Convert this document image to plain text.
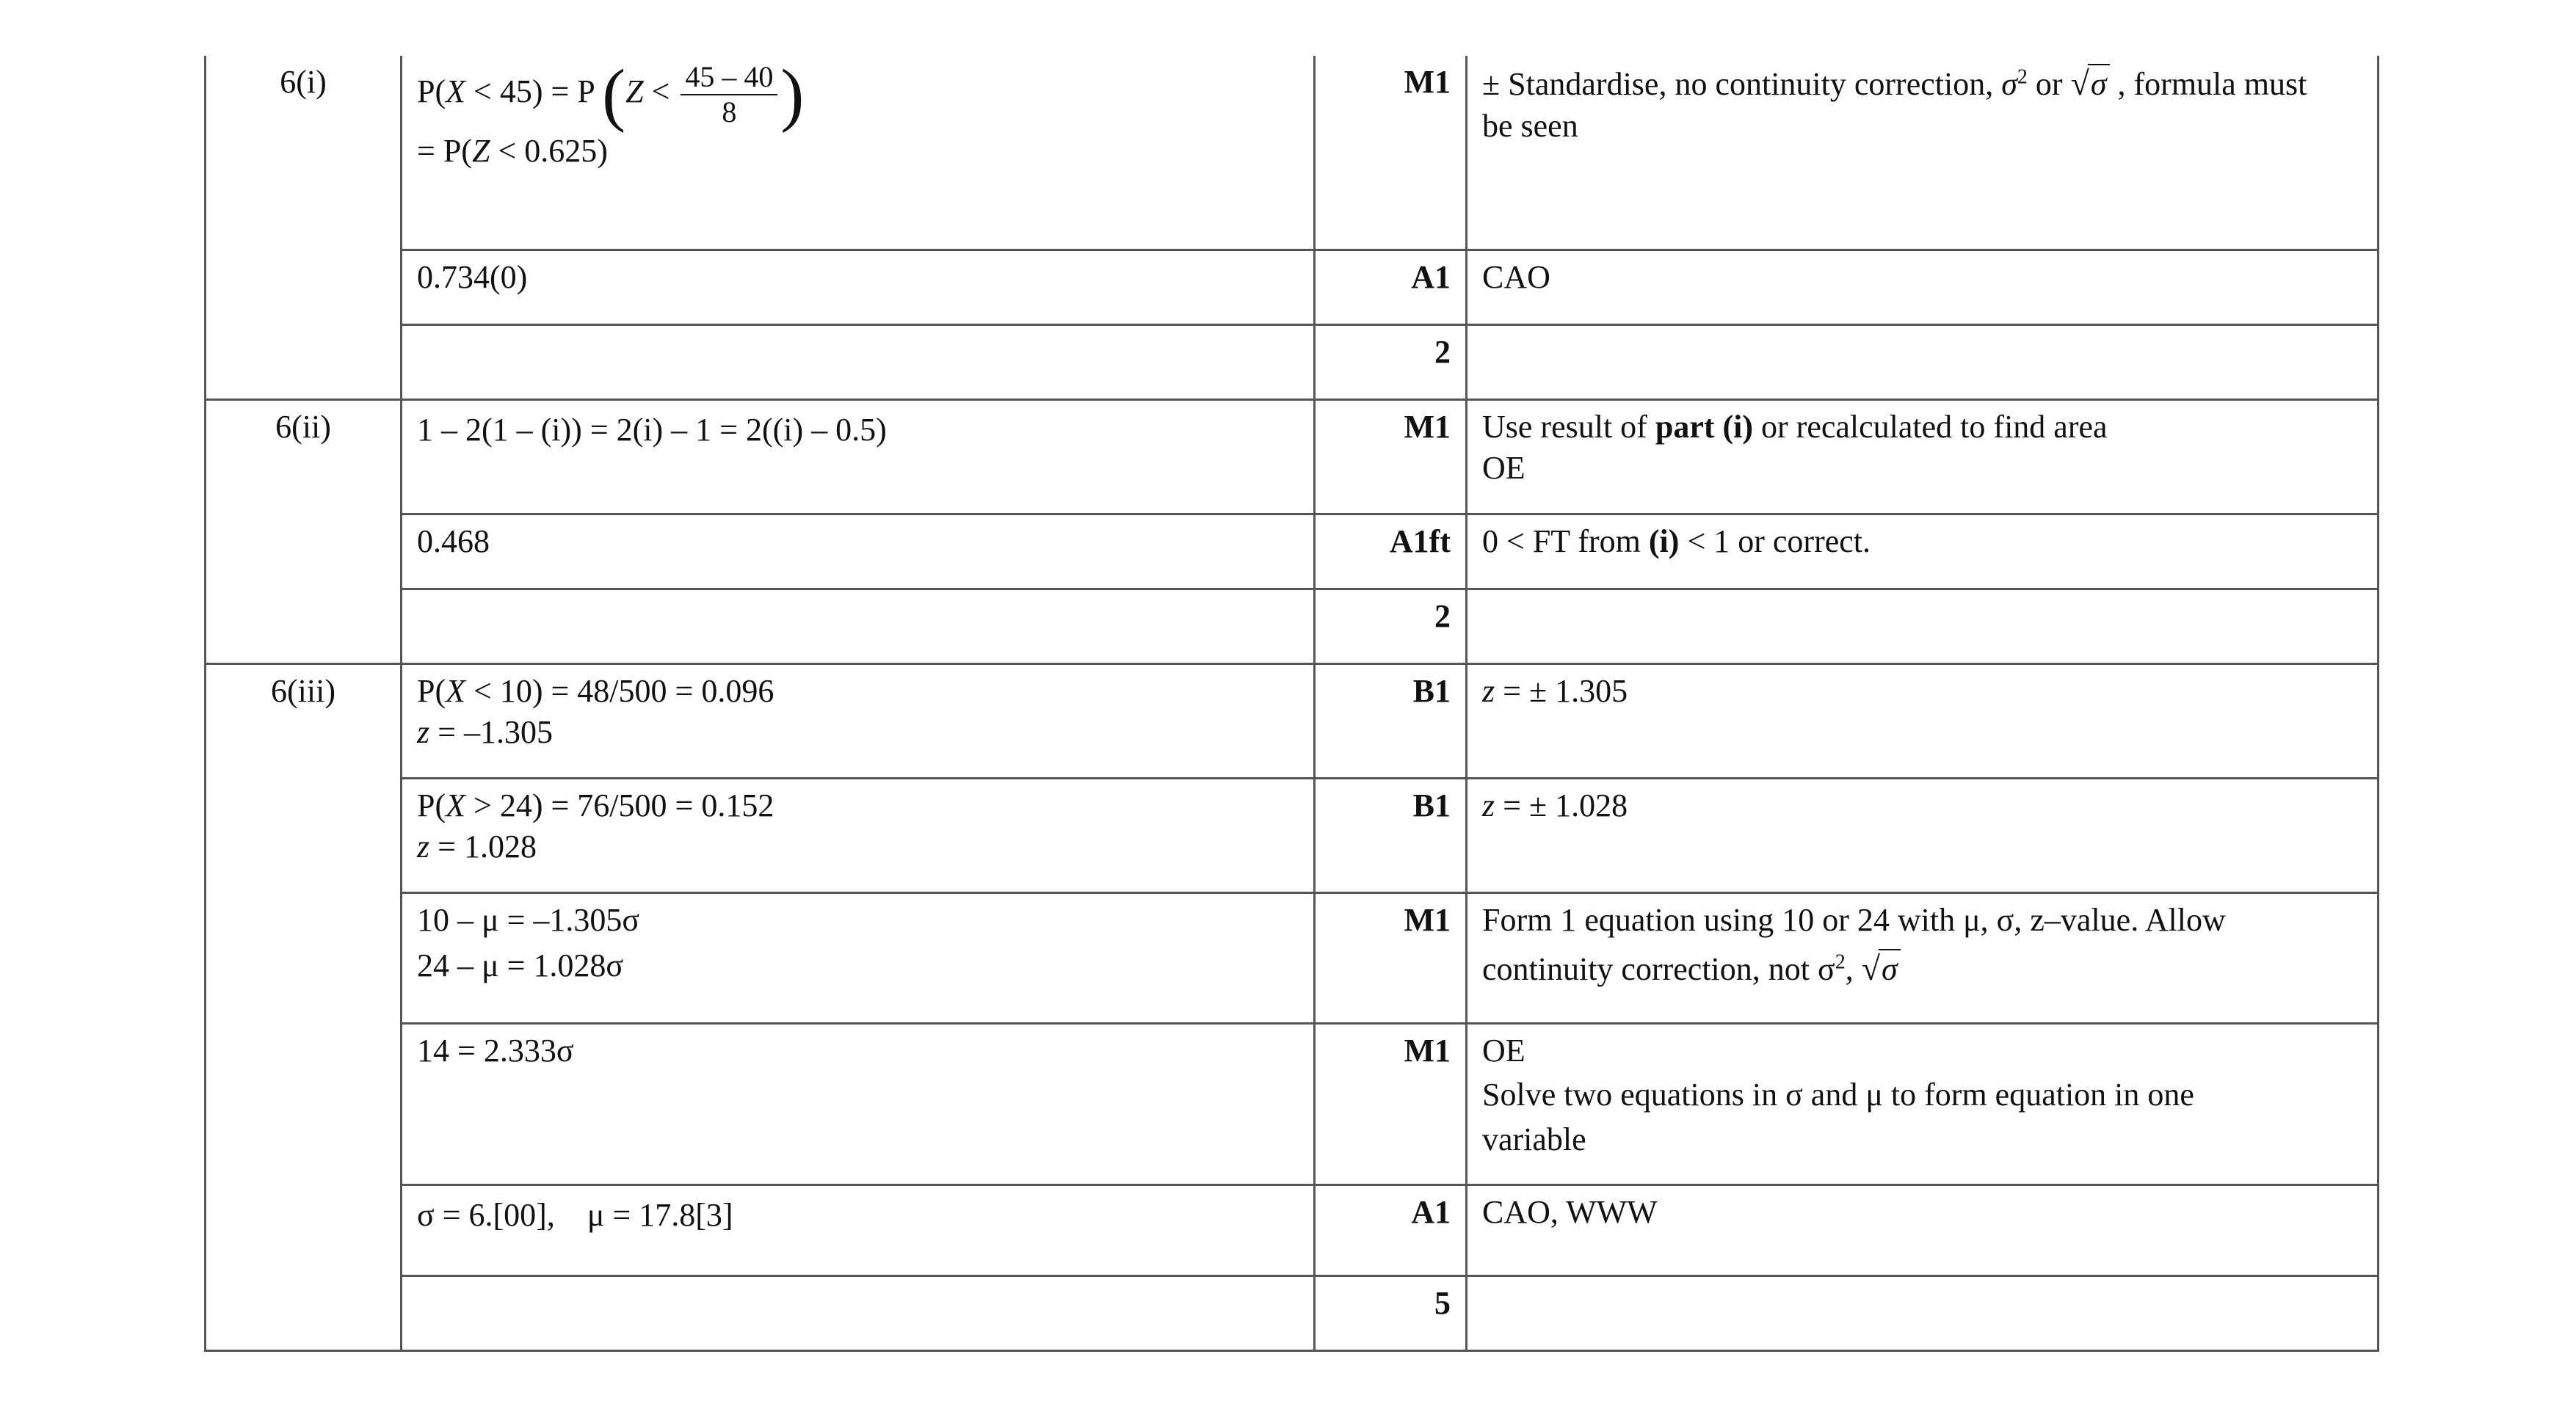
6(i)	P(X < 45) = P ($Z < \frac{45 - 40}{8}$ )
= P(Z < 0.625)	M1	± Standardise, no continuity correction, $\sigma^2$ or √σ , formula must
be seen

	0.734(0)	A1	CAO
		2	
6(ii)	1 – 2(1 – (i)) = 2(i) – 1 = 2((i) – 0.5)	M1	Use result of part (i) or recalculated to find area
OE

	0.468	A1ft	0 < FT from (i) < 1 or correct.
		2	
6(iii)	P(X < 10) = 48/500 = 0.096
z = –1.305	B1	z = ± 1.305

	P(X > 24) = 76/500 = 0.152
z = 1.028	B1	z = ± 1.028

	10 – μ = –1.305σ
24 – μ = 1.028σ	M1	Form 1 equation using 10 or 24 with μ, σ, z–value. Allow
continuity correction, not $\sigma^2$, √σ

	14 = 2.333σ	M1	OE
Solve two equations in σ and μ to form equation in one
variable

	σ = 6.[00], μ = 17.8[3]	A1	CAO, WWW
		5	
